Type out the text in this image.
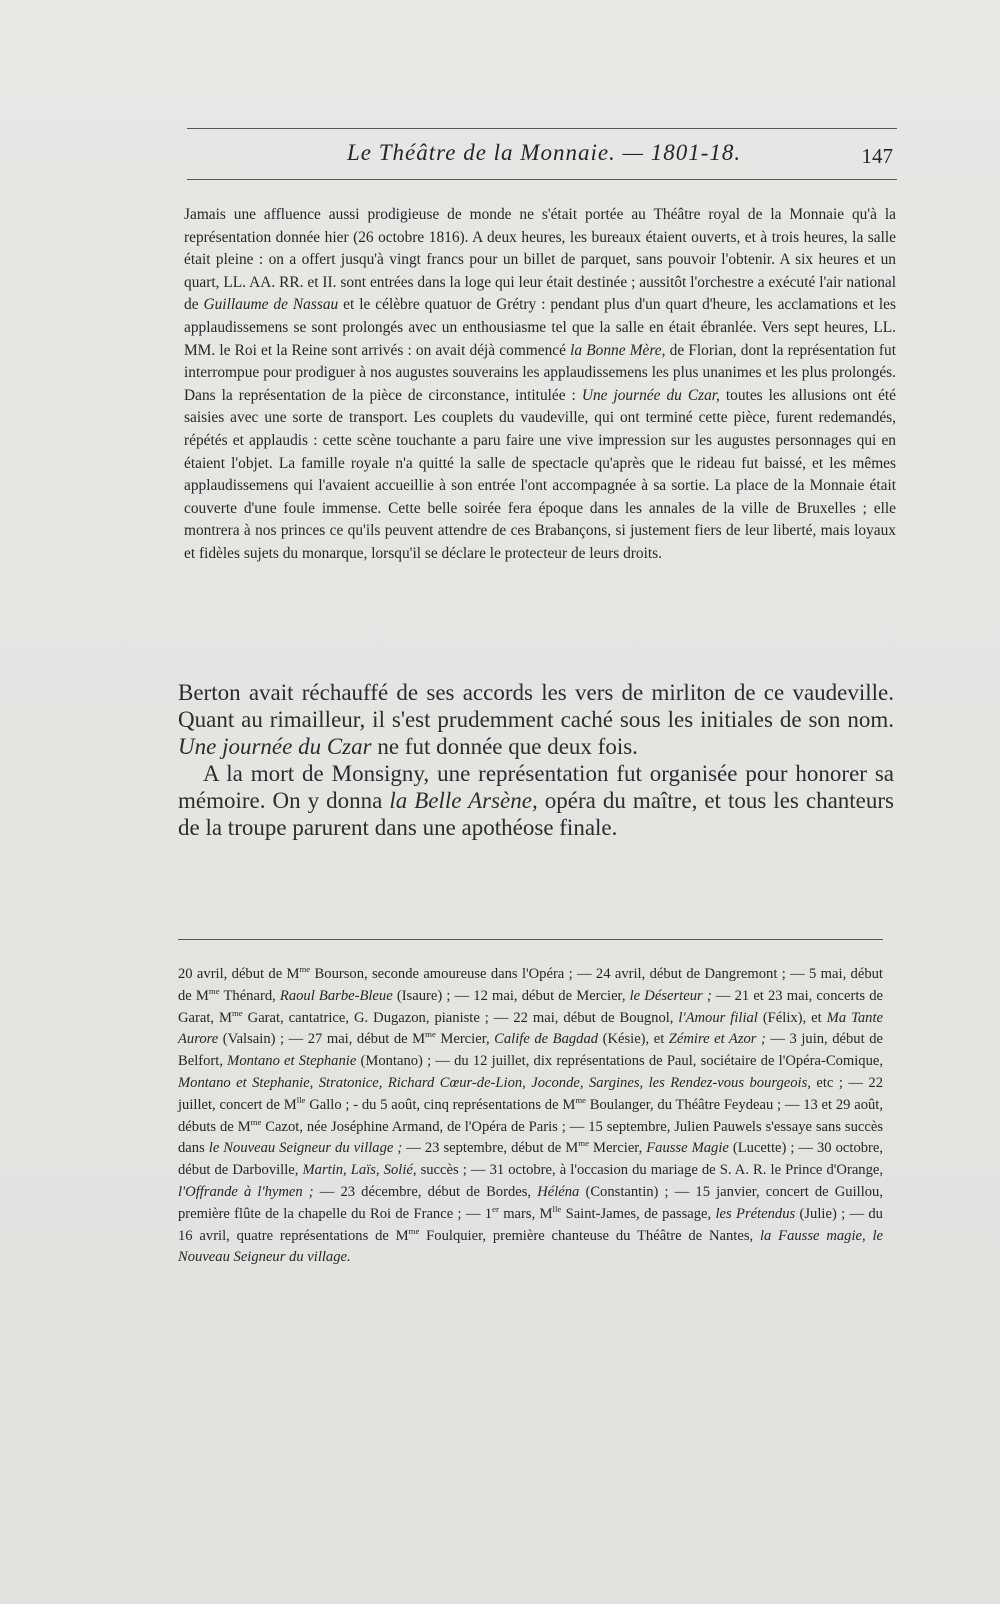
Le Théâtre de la Monnaie. — 1801-18.	147

Jamais une affluence aussi prodigieuse de monde ne s'était portée au Théâtre royal de la Monnaie qu'à la représentation donnée hier (26 octobre 1816). A deux heures, les bureaux étaient ouverts, et à trois heures, la salle était pleine : on a offert jusqu'à vingt francs pour un billet de parquet, sans pouvoir l'obtenir. A six heures et un quart, LL. AA. RR. et II. sont entrées dans la loge qui leur était destinée ; aussitôt l'orchestre a exécuté l'air national de Guillaume de Nassau et le célèbre quatuor de Grétry : pendant plus d'un quart d'heure, les acclamations et les applaudissemens se sont prolongés avec un enthousiasme tel que la salle en était ébranlée. Vers sept heures, LL. MM. le Roi et la Reine sont arrivés : on avait déjà commencé la Bonne Mère, de Florian, dont la représentation fut interrompue pour prodiguer à nos augustes souverains les applaudissemens les plus unanimes et les plus prolongés. Dans la représentation de la pièce de circonstance, intitulée : Une journée du Czar, toutes les allusions ont été saisies avec une sorte de transport. Les couplets du vaudeville, qui ont terminé cette pièce, furent redemandés, répétés et applaudis : cette scène touchante a paru faire une vive impression sur les augustes personnages qui en étaient l'objet. La famille royale n'a quitté la salle de spectacle qu'après que le rideau fut baissé, et les mêmes applaudissemens qui l'avaient accueillie à son entrée l'ont accompagnée à sa sortie. La place de la Monnaie était couverte d'une foule immense. Cette belle soirée fera époque dans les annales de la ville de Bruxelles ; elle montrera à nos princes ce qu'ils peuvent attendre de ces Brabançons, si justement fiers de leur liberté, mais loyaux et fidèles sujets du monarque, lorsqu'il se déclare le protecteur de leurs droits.

Berton avait réchauffé de ses accords les vers de mirliton de ce vaudeville. Quant au rimailleur, il s'est prudemment caché sous les initiales de son nom. Une journée du Czar ne fut donnée que deux fois.

A la mort de Monsigny, une représentation fut organisée pour honorer sa mémoire. On y donna la Belle Arsène, opéra du maître, et tous les chanteurs de la troupe parurent dans une apothéose finale.

20 avril, début de $M^{me}$ Bourson, seconde amoureuse dans l'Opéra ; — 24 avril, début de Dangremont ; — 5 mai, début de $M^{me}$ Thénard, Raoul Barbe-Bleue (Isaure) ; — 12 mai, début de Mercier, le Déserteur ; — 21 et 23 mai, concerts de Garat, $M^{me}$ Garat, cantatrice, G. Dugazon, pianiste ; — 22 mai, début de Bougnol, l'Amour filial (Félix), et Ma Tante Aurore (Valsain) ; — 27 mai, début de $M^{me}$ Mercier, Calife de Bagdad (Késie), et Zémire et Azor ; — 3 juin, début de Belfort, Montano et Stephanie (Montano) ; — du 12 juillet, dix représentations de Paul, sociétaire de l'Opéra-Comique, Montano et Stephanie, Stratonice, Richard Cœur-de-Lion, Joconde, Sargines, les Rendez-vous bourgeois, etc ; — 22 juillet, concert de $M^{lle}$ Gallo ; - du 5 août, cinq représentations de $M^{me}$ Boulanger, du Théâtre Feydeau ; — 13 et 29 août, débuts de $M^{me}$ Cazot, née Joséphine Armand, de l'Opéra de Paris ; — 15 septembre, Julien Pauwels s'essaye sans succès dans le Nouveau Seigneur du village ; — 23 septembre, début de $M^{me}$ Mercier, Fausse Magie (Lucette) ; — 30 octobre, début de Darboville, Martin, Laïs, Solié, succès ; — 31 octobre, à l'occasion du mariage de S. A. R. le Prince d'Orange, l'Offrande à l'hymen ; — 23 décembre, début de Bordes, Héléna (Constantin) ; — 15 janvier, concert de Guillou, première flûte de la chapelle du Roi de France ; — 1er mars, $M^{lle}$ Saint-James, de passage, les Prétendus (Julie) ; — du 16 avril, quatre représentations de $M^{me}$ Foulquier, première chanteuse du Théâtre de Nantes, la Fausse magie, le Nouveau Seigneur du village.
